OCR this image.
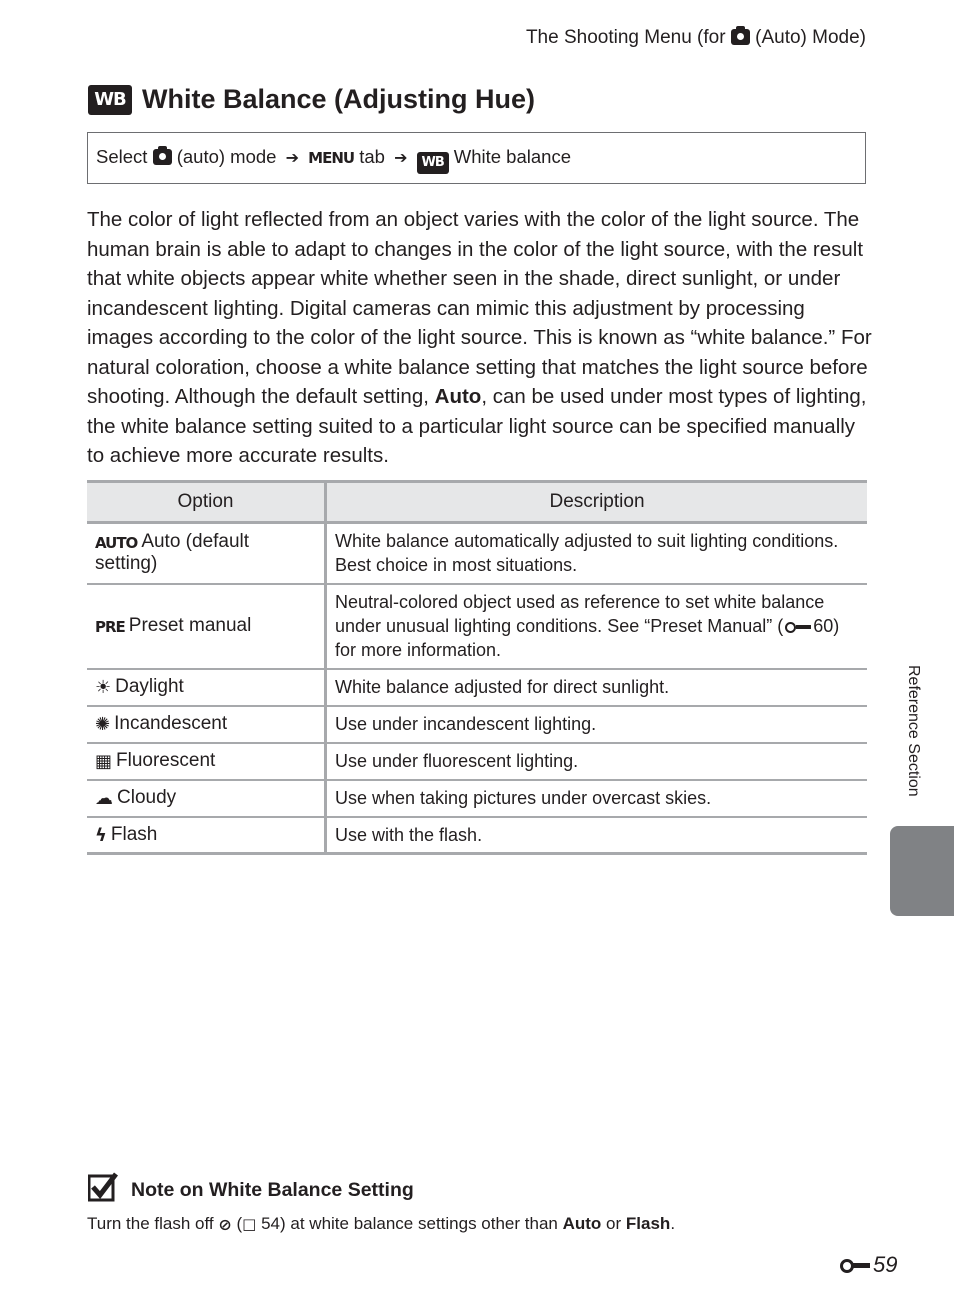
The Shooting Menu (for (Auto) Mode)
WB White Balance (Adjusting Hue)
Select (auto) mode ➔ MENU tab ➔ WB White balance

The color of light reflected from an object varies with the color of the light source. The human brain is able to adapt to changes in the color of the light source, with the result that white objects appear white whether seen in the shade, direct sunlight, or under incandescent lighting. Digital cameras can mimic this adjustment by processing images according to the color of the light source. This is known as “white balance.” For natural coloration, choose a white balance setting that matches the light source before shooting. Although the default setting, Auto, can be used under most types of lighting, the white balance setting suited to a particular light source can be specified manually to achieve more accurate results.

Option	Description
AUTO Auto (default setting)	White balance automatically adjusted to suit lighting conditions. Best choice in most situations.
PRE Preset manual	Neutral-colored object used as reference to set white balance under unusual lighting conditions. See “Preset Manual” ( 60) for more information.
☀ Daylight	White balance adjusted for direct sunlight.
✺ Incandescent	Use under incandescent lighting.
▦ Fluorescent	Use under fluorescent lighting.
☁ Cloudy	Use when taking pictures under overcast skies.
ϟ Flash	Use with the flash.
Reference Section
Note on White Balance Setting
Turn the flash off ⊘ (□ 54) at white balance settings other than Auto or Flash.
59
